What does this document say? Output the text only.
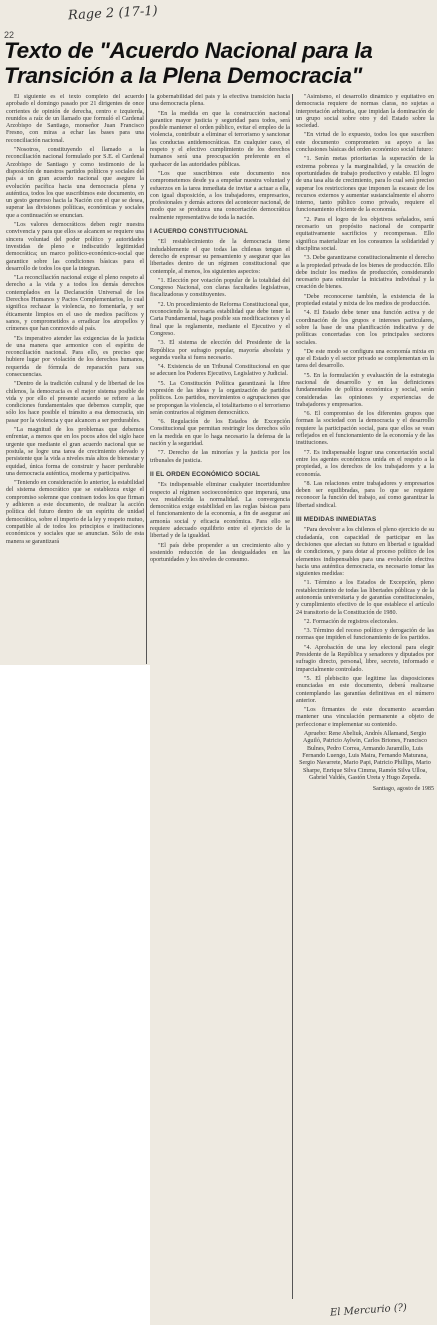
Rage 2 (17-1)
22
Texto de "Acuerdo Nacional para la Transición a la Plena Democracia"

El siguiente es el texto completo del acuerdo aprobado el domingo pasado por 21 dirigentes de once corrientes de opinión de derecha, centro e izquierda, reunidos a raíz de un llamado que formuló el Cardenal Arzobispo de Santiago, monseñor Juan Francisco Fresno, con miras a echar las bases para una reconciliación nacional.

"Nosotros, constituyendo el llamado a la reconciliación nacional formulado por S.E. el Cardenal Arzobispo de Santiago y como testimonio de la disposición de nuestros partidos políticos y sociales del país a un gran acuerdo nacional que asegure la evolución pacífica hacia una democracia plena y auténtica, todos los que suscribimos este documento, en un gesto generoso hacia la Nación con el que se desea, superar las divisiones políticas, económicas y sociales que a continuación se enuncian.

"Los valores democráticos deben regir nuestra convivencia y para que ellos se alcancen se requiere una sincera voluntad del poder político y autoridades investidas de pleno e indiscutido legitimidad democrática; un marco político-económico-social que garantice sobre las condiciones básicas para el desarrollo de todos los que la integran.

"La reconciliación nacional exige el pleno respeto al derecho a la vida y a todos los demás derechos contemplados en la Declaración Universal de los Derechos Humanos y Pactos Complementarios, lo cual significa rechazar la violencia, no fomentarla, y ser éticamente limpios en el uso de medios pacíficos y sanos, y comprometidos a erradicar los atropellos y crímenes que han conmovido al país.

"Es imperativo atender las exigencias de la justicia de una manera que armonice con el espíritu de reconciliación nacional. Para ello, es preciso que hubiere lugar por violación de los derechos humanos, requerida de fórmula de reparación para sus consecuencias.

"Dentro de la tradición cultural y de libertad de los chilenos, la democracia es el mejor sistema posible de vida y por ello el presente acuerdo se refiere a las condiciones fundamentales que debemos cumplir, que sólo los hace posible el tránsito a esa democracia, sin pasar por la violencia y que alcancen a ser perdurables.

"La magnitud de los problemas que debemos enfrentar, a menos que en los pocos años del siglo hace urgente que mediante el gran acuerdo nacional que se postula, se logre una tarea de crecimiento elevado y persistente que la vida a niveles más altos de bienestar y equidad, única forma de construir y hacer perdurable una democracia auténtica, moderna y participativa.

"Teniendo en consideración lo anterior, la estabilidad del sistema democrático que se establezca exige el compromiso solemne que contraen todos los que firman y adhieren a este documento, de realizar la acción política del futuro dentro de un espíritu de unidad democrática, sobre el imperio de la ley y respeto mutuo, compatible al de todos los principios e instituciones económicos y sociales que se anuncian. Sólo de esta manera se garantizará

la gobernabilidad del país y la efectiva transición hacia una democracia plena.

"En la medida en que la construcción nacional garantice mayor justicia y seguridad para todos, será posible mantener el orden público, evitar el empleo de la violencia, contribuir a eliminar el terrorismo y sancionar las conductas antidemocráticas. En cualquier caso, el respeto y el efectivo cumplimiento de los derechos humanos será una preocupación preferente en el quehacer de las autoridades públicas.

"Los que suscribimos este documento nos comprometemos desde ya a empeñar nuestra voluntad y esfuerzos en la tarea inmediata de invitar a actuar a ella, con igual disposición, a los trabajadores, empresarios, profesionales y demás actores del acontecer nacional, de modo que se produzca una concertación democrática realmente representativa de toda la nación.

I ACUERDO CONSTITUCIONAL

"El restablecimiento de la democracia tiene indudablemente el que todas las chilenas tengan el derecho de expresar su pensamiento y asegurar que las libertades dentro de un régimen constitucional que contemple, al menos, los siguientes aspectos:

"1. Elección por votación popular de la totalidad del Congreso Nacional, con claras facultades legislativas, fiscalizadoras y constituyentes.

"2. Un procedimiento de Reforma Constitucional que, reconociendo la necesaria estabilidad que debe tener la Carta Fundamental, haga posible sus modificaciones y el final que la reglamente, mediante el Ejecutivo y el Congreso.

"3. El sistema de elección del Presidente de la República por sufragio popular, mayoría absoluta y segunda vuelta si fuera necesario.

"4. Existencia de un Tribunal Constitucional en que se adecuen los Poderes Ejecutivo, Legislativo y Judicial.

"5. La Constitución Política garantizará la libre expresión de las ideas y la organización de partidos políticos. Los partidos, movimientos o agrupaciones que se propongan la violencia, el totalitarismo o el terrorismo serán contrarios al régimen democrático.

"6. Regulación de los Estados de Excepción Constitucional que permitan restringir los derechos sólo en la medida en que lo haga necesario la defensa de la nación y la seguridad.

"7. Derecho de las minorías y la justicia por los tribunales de justicia.

II EL ORDEN ECONÓMICO SOCIAL

"Es indispensable eliminar cualquier incertidumbre respecto al régimen socioeconómico que imperará, una vez restablecida la normalidad. La convergencia democrática exige estabilidad en las reglas básicas para el funcionamiento de la economía, a fin de asegurar así armonía social y eficacia económica. Para ello se requiere adecuado equilibrio entre el ejercicio de la libertad y de la igualdad.

"El país debe propender a un crecimiento alto y sostenido reducción de las desigualdades en las oportunidades y los niveles de consumo.

"Asimismo, el desarrollo dinámico y equitativo en democracia requiere de normas claras, no sujetas a interpretación arbitraria, que impidan la dominación de un grupo social sobre otro y del Estado sobre la sociedad.

"En virtud de lo expuesto, todos los que suscriben este documento comprometen su apoyo a las conclusiones básicas del orden económico social futuro:

"1. Serán metas prioritarias la superación de la extrema pobreza y la marginalidad, y la creación de oportunidades de trabajo productivo y estable. El logro de una tasa alta de crecimiento, para lo cual será preciso superar los restricciones que imponen la escasez de los recursos externos y aumentar sustancialmente el ahorro interno, tanto público como privado, requiere el funcionamiento eficiente de la economía.

"2. Para el logro de los objetivos señalados, será necesario un propósito nacional de compartir equitativamente sacrificios y recompensas. Ello significa materializar en los consumos la solidaridad y disciplina social.

"3. Debe garantizarse constitucionalmente el derecho a la propiedad privada de los bienes de producción. Ello debe incluir los medios de producción, considerando necesario para estimular la iniciativa individual y la creación de bienes.

"Debe reconocerse también, la existencia de la propiedad estatal y mixta de los medios de producción.

"4. El Estado debe tener una función activa y de coordinación de los grupos e intereses particulares, sobre la base de una planificación indicativa y de políticas concertadas con los principales sectores sociales.

"De este modo se configura una economía mixta en que el Estado y el sector privado se complementan en la tarea del desarrollo.

"5. En la formulación y evaluación de la estrategia nacional de desarrollo y en las definiciones fundamentales de política económica y social, serán consideradas las opiniones y experiencias de trabajadores y empresarios.

"6. El compromiso de los diferentes grupos que forman la sociedad con la democracia y el desarrollo requiere la participación social, para que ellos se vean reflejados en el funcionamiento de la economía y de las instituciones.

"7. Es indispensable lograr una concertación social entre los agentes económicos unida en el respeto a la propiedad, a los derechos de los trabajadores y a la economía.

"8. Las relaciones entre trabajadores y empresarios deben ser equilibradas, para lo que se requiere reconocer la función del trabajo, así como garantizar la libertad sindical.

III MEDIDAS INMEDIATAS

"Para devolver a los chilenos el pleno ejercicio de su ciudadanía, con capacidad de participar en las decisiones que afectan su futuro en libertad e igualdad de condiciones, y para dotar al proceso político de los elementos indispensables para una evolución efectiva hacia una auténtica democracia, es necesario tomar las siguientes medidas:

"1. Término a los Estados de Excepción, pleno restablecimiento de todas las libertades públicas y de la autonomía universitaria y de garantías constitucionales, y cumplimiento efectivo de lo que establece el artículo 24 transitorio de la Constitución de 1980.

"2. Formación de registros electorales.

"3. Término del receso político y derogación de las normas que impiden el funcionamiento de los partidos.

"4. Aprobación de una ley electoral para elegir Presidente de la República y senadores y diputados por sufragio directo, personal, libre, secreto, informado e imparcialmente controlado.

"5. El plebiscito que legitime las disposiciones enunciadas en este documento, deberá realizarse contemplando las garantías definitivas en el número anterior.

"Los firmantes de este documento acuerdan mantener una vinculación permanente a objeto de perfeccionar e implementar su contenido.

Apruebo: Rene Abeliuk, Andrés Allamand, Sergio Aguiló, Patricio Aylwin, Carlos Briones, Francisco Bulnes, Pedro Correa, Armando Jaramillo, Luis Fernando Luengo, Luis Maira, Fernando Maturana, Sergio Navarrete, Mario Papi, Patricio Phillips, Mario Sharpe, Enrique Silva Cimma, Ramón Silva Ulloa, Gabriel Valdés, Gastón Ureta y Hugo Zepeda.

Santiago, agosto de 1985

El Mercurio (?)
